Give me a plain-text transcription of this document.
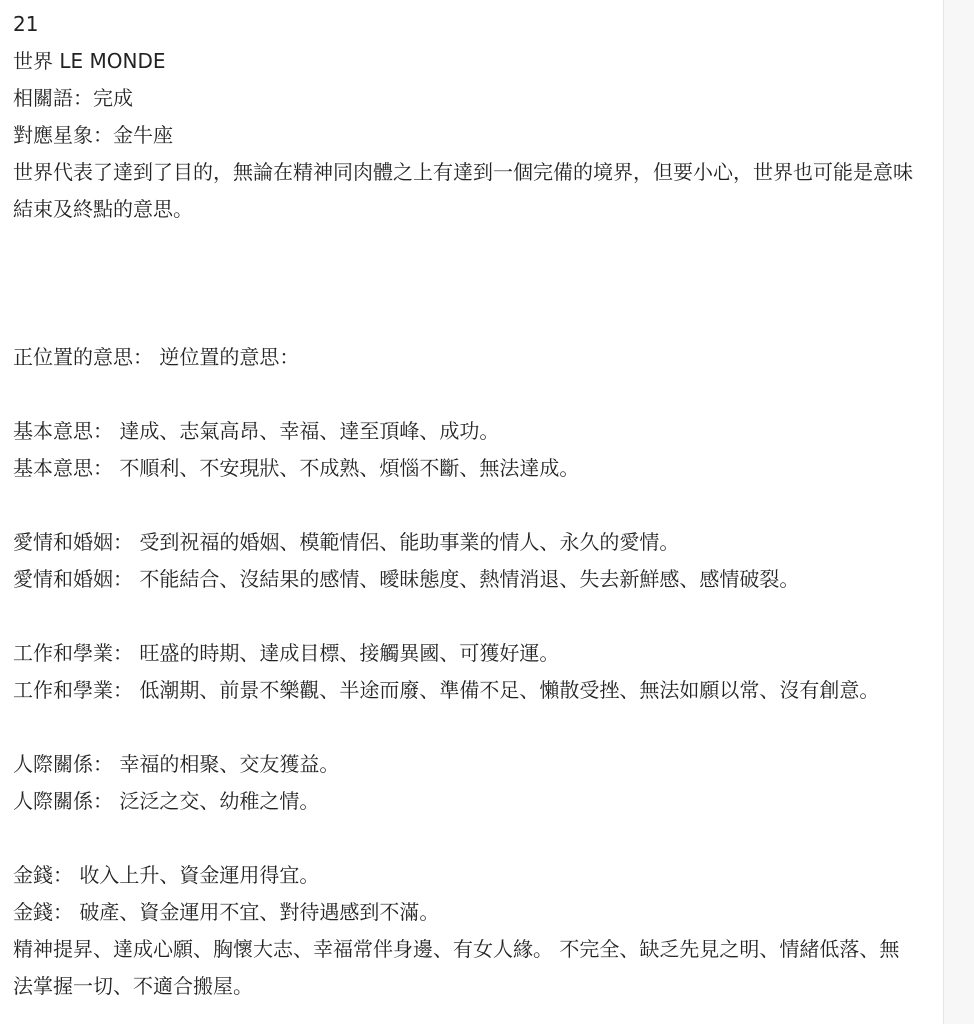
21
世界 LE MONDE
相關語：完成
對應星象：金牛座
世界代表了達到了目的，無論在精神同肉體之上有達到一個完備的境界，但要小心，世界也可能是意味結束及終點的意思。
正位置的意思： 逆位置的意思：
基本意思： 達成、志氣高昂、幸福、達至頂峰、成功。
基本意思： 不順利、不安現狀、不成熟、煩惱不斷、無法達成。
愛情和婚姻： 受到祝福的婚姻、模範情侶、能助事業的情人、永久的愛情。
愛情和婚姻： 不能結合、沒結果的感情、曖昧態度、熱情消退、失去新鮮感、感情破裂。
工作和學業： 旺盛的時期、達成目標、接觸異國、可獲好運。
工作和學業： 低潮期、前景不樂觀、半途而廢、準備不足、懶散受挫、無法如願以常、沒有創意。
人際關係： 幸福的相聚、交友獲益。
人際關係： 泛泛之交、幼稚之情。
金錢： 收入上升、資金運用得宜。
金錢： 破產、資金運用不宜、對待遇感到不滿。
精神提昇、達成心願、胸懷大志、幸福常伴身邊、有女人緣。 不完全、缺乏先見之明、情緒低落、無法掌握一切、不適合搬屋。
